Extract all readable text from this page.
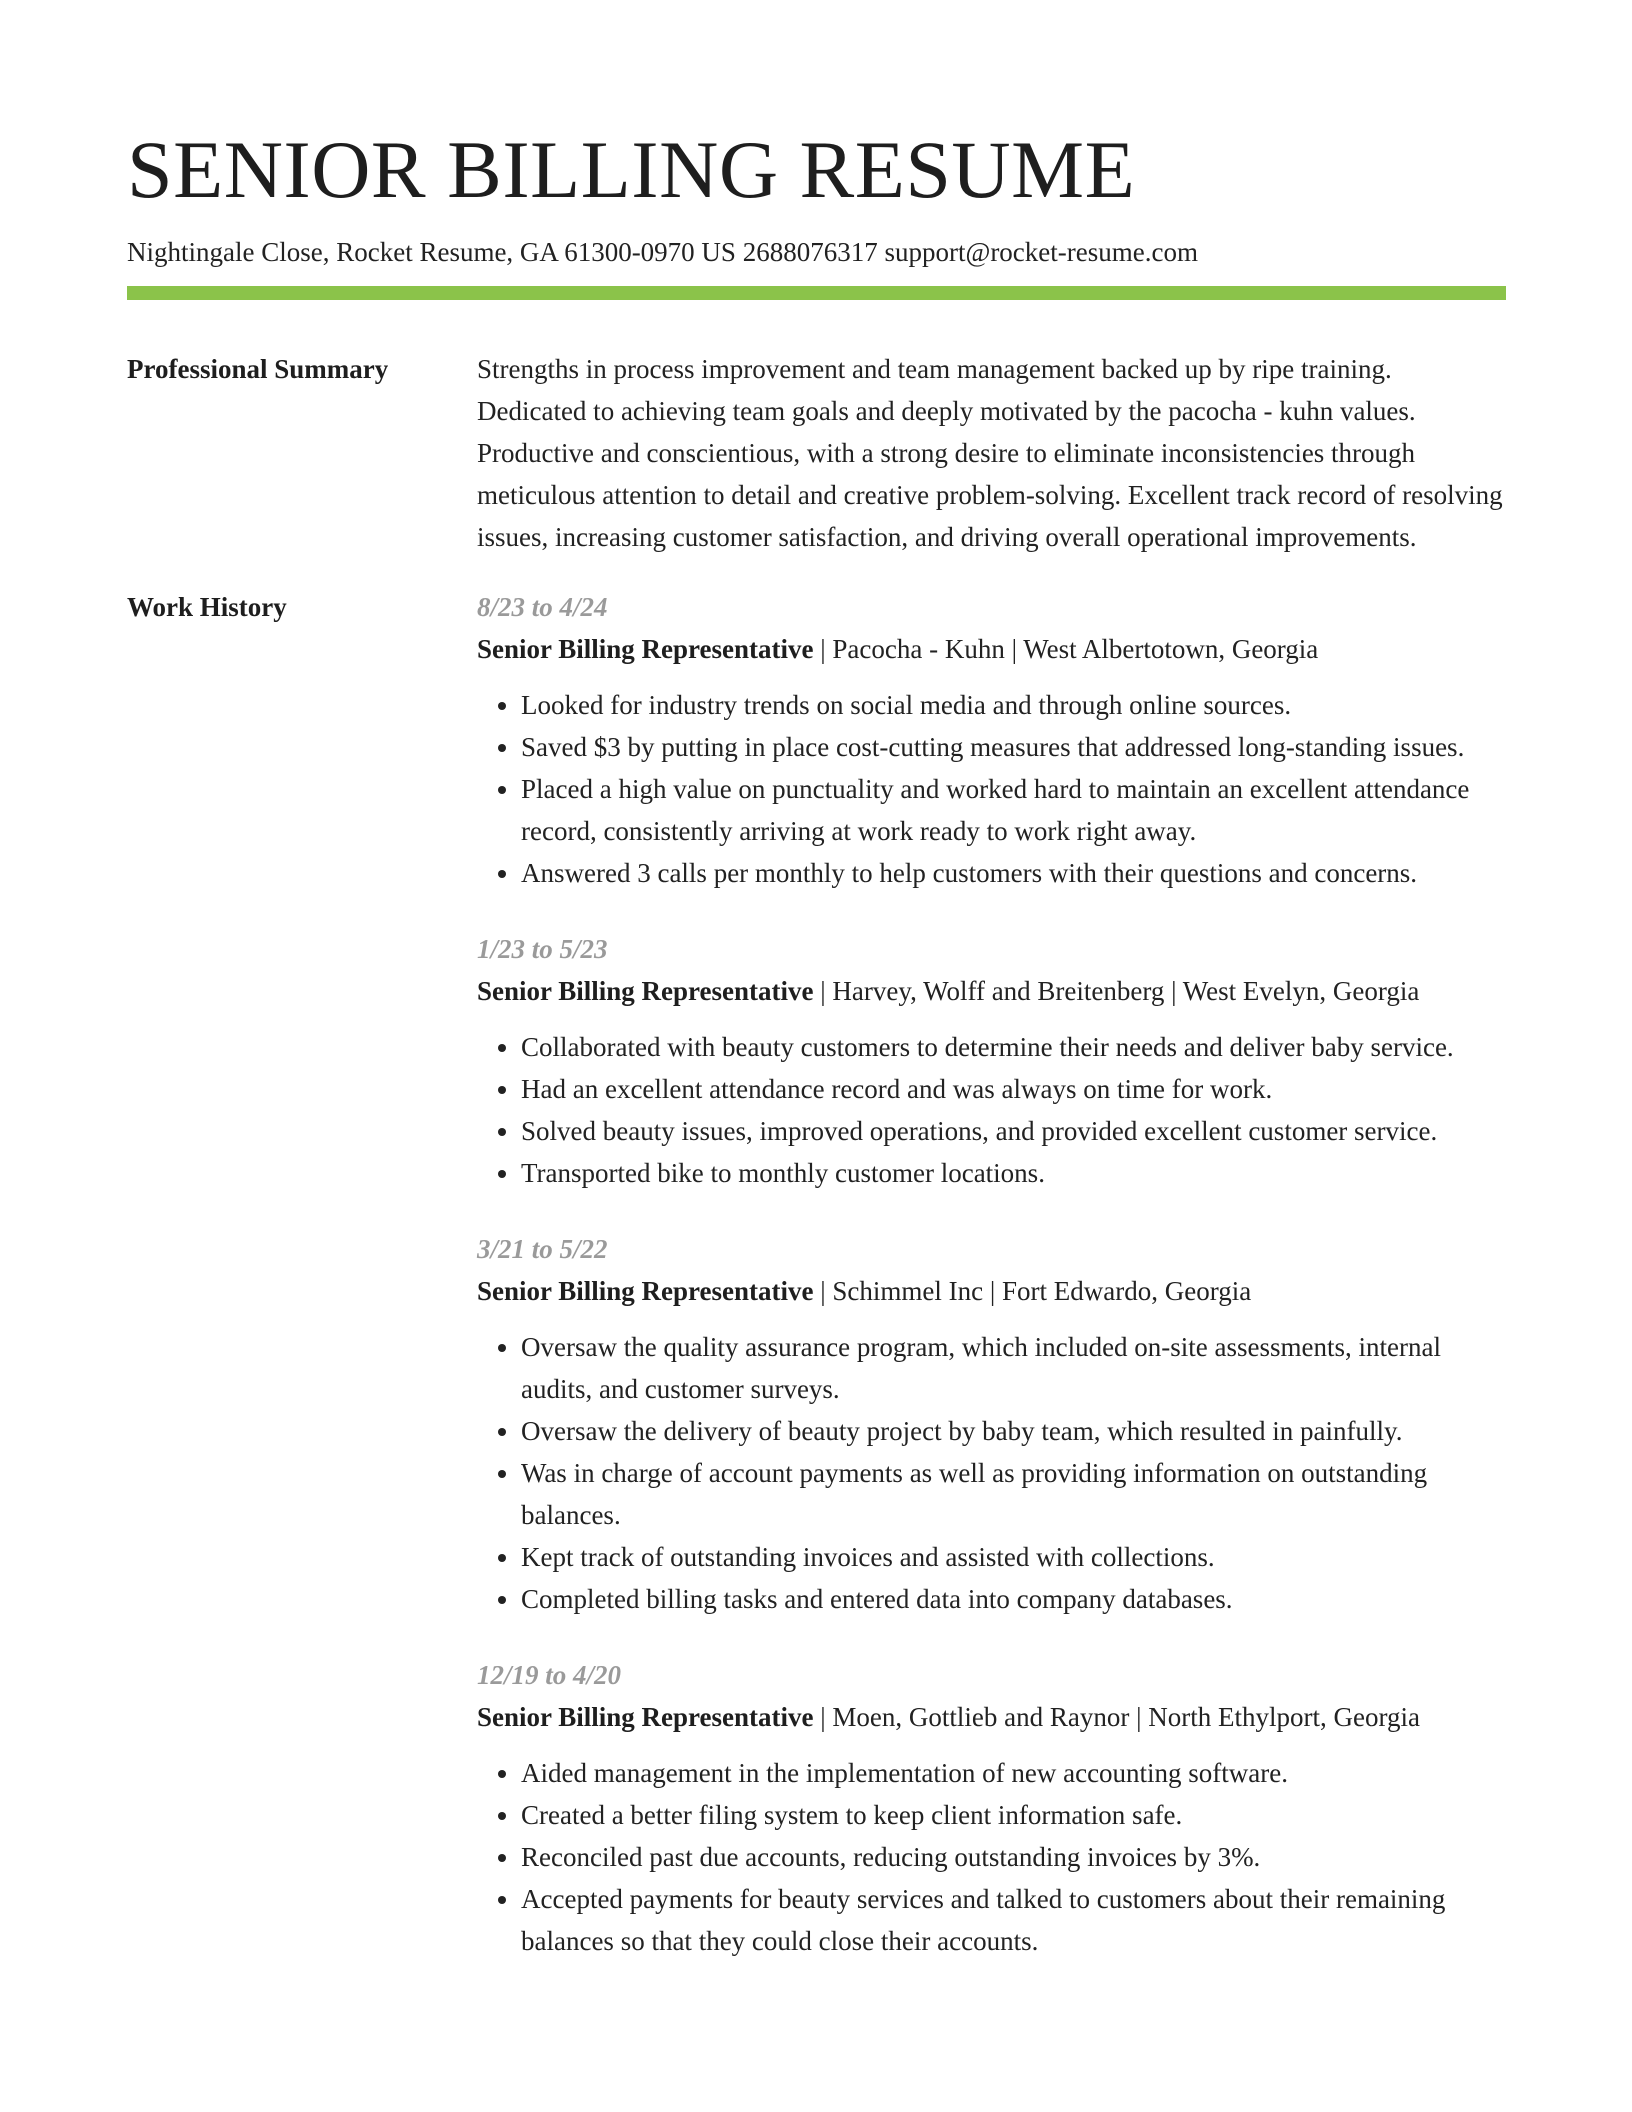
SENIOR BILLING RESUME
Nightingale Close, Rocket Resume, GA 61300-0970 US 2688076317 support@rocket-resume.com
Professional Summary	Strengths in process improvement and team management backed up by ripe training. Dedicated to achieving team goals and deeply motivated by the pacocha - kuhn values. Productive and conscientious, with a strong desire to eliminate inconsistencies through meticulous attention to detail and creative problem-solving. Excellent track record of resolving issues, increasing customer satisfaction, and driving overall operational improvements.
Work History	8/23 to 4/24
Senior Billing Representative | Pacocha - Kuhn | West Albertotown, Georgia
• Looked for industry trends on social media and through online sources.
• Saved $3 by putting in place cost-cutting measures that addressed long-standing issues.
• Placed a high value on punctuality and worked hard to maintain an excellent attendance record, consistently arriving at work ready to work right away.
• Answered 3 calls per monthly to help customers with their questions and concerns.
1/23 to 5/23
Senior Billing Representative | Harvey, Wolff and Breitenberg | West Evelyn, Georgia
• Collaborated with beauty customers to determine their needs and deliver baby service.
• Had an excellent attendance record and was always on time for work.
• Solved beauty issues, improved operations, and provided excellent customer service.
• Transported bike to monthly customer locations.
3/21 to 5/22
Senior Billing Representative | Schimmel Inc | Fort Edwardo, Georgia
• Oversaw the quality assurance program, which included on-site assessments, internal audits, and customer surveys.
• Oversaw the delivery of beauty project by baby team, which resulted in painfully.
• Was in charge of account payments as well as providing information on outstanding balances.
• Kept track of outstanding invoices and assisted with collections.
• Completed billing tasks and entered data into company databases.
12/19 to 4/20
Senior Billing Representative | Moen, Gottlieb and Raynor | North Ethylport, Georgia
• Aided management in the implementation of new accounting software.
• Created a better filing system to keep client information safe.
• Reconciled past due accounts, reducing outstanding invoices by 3%.
• Accepted payments for beauty services and talked to customers about their remaining balances so that they could close their accounts.
